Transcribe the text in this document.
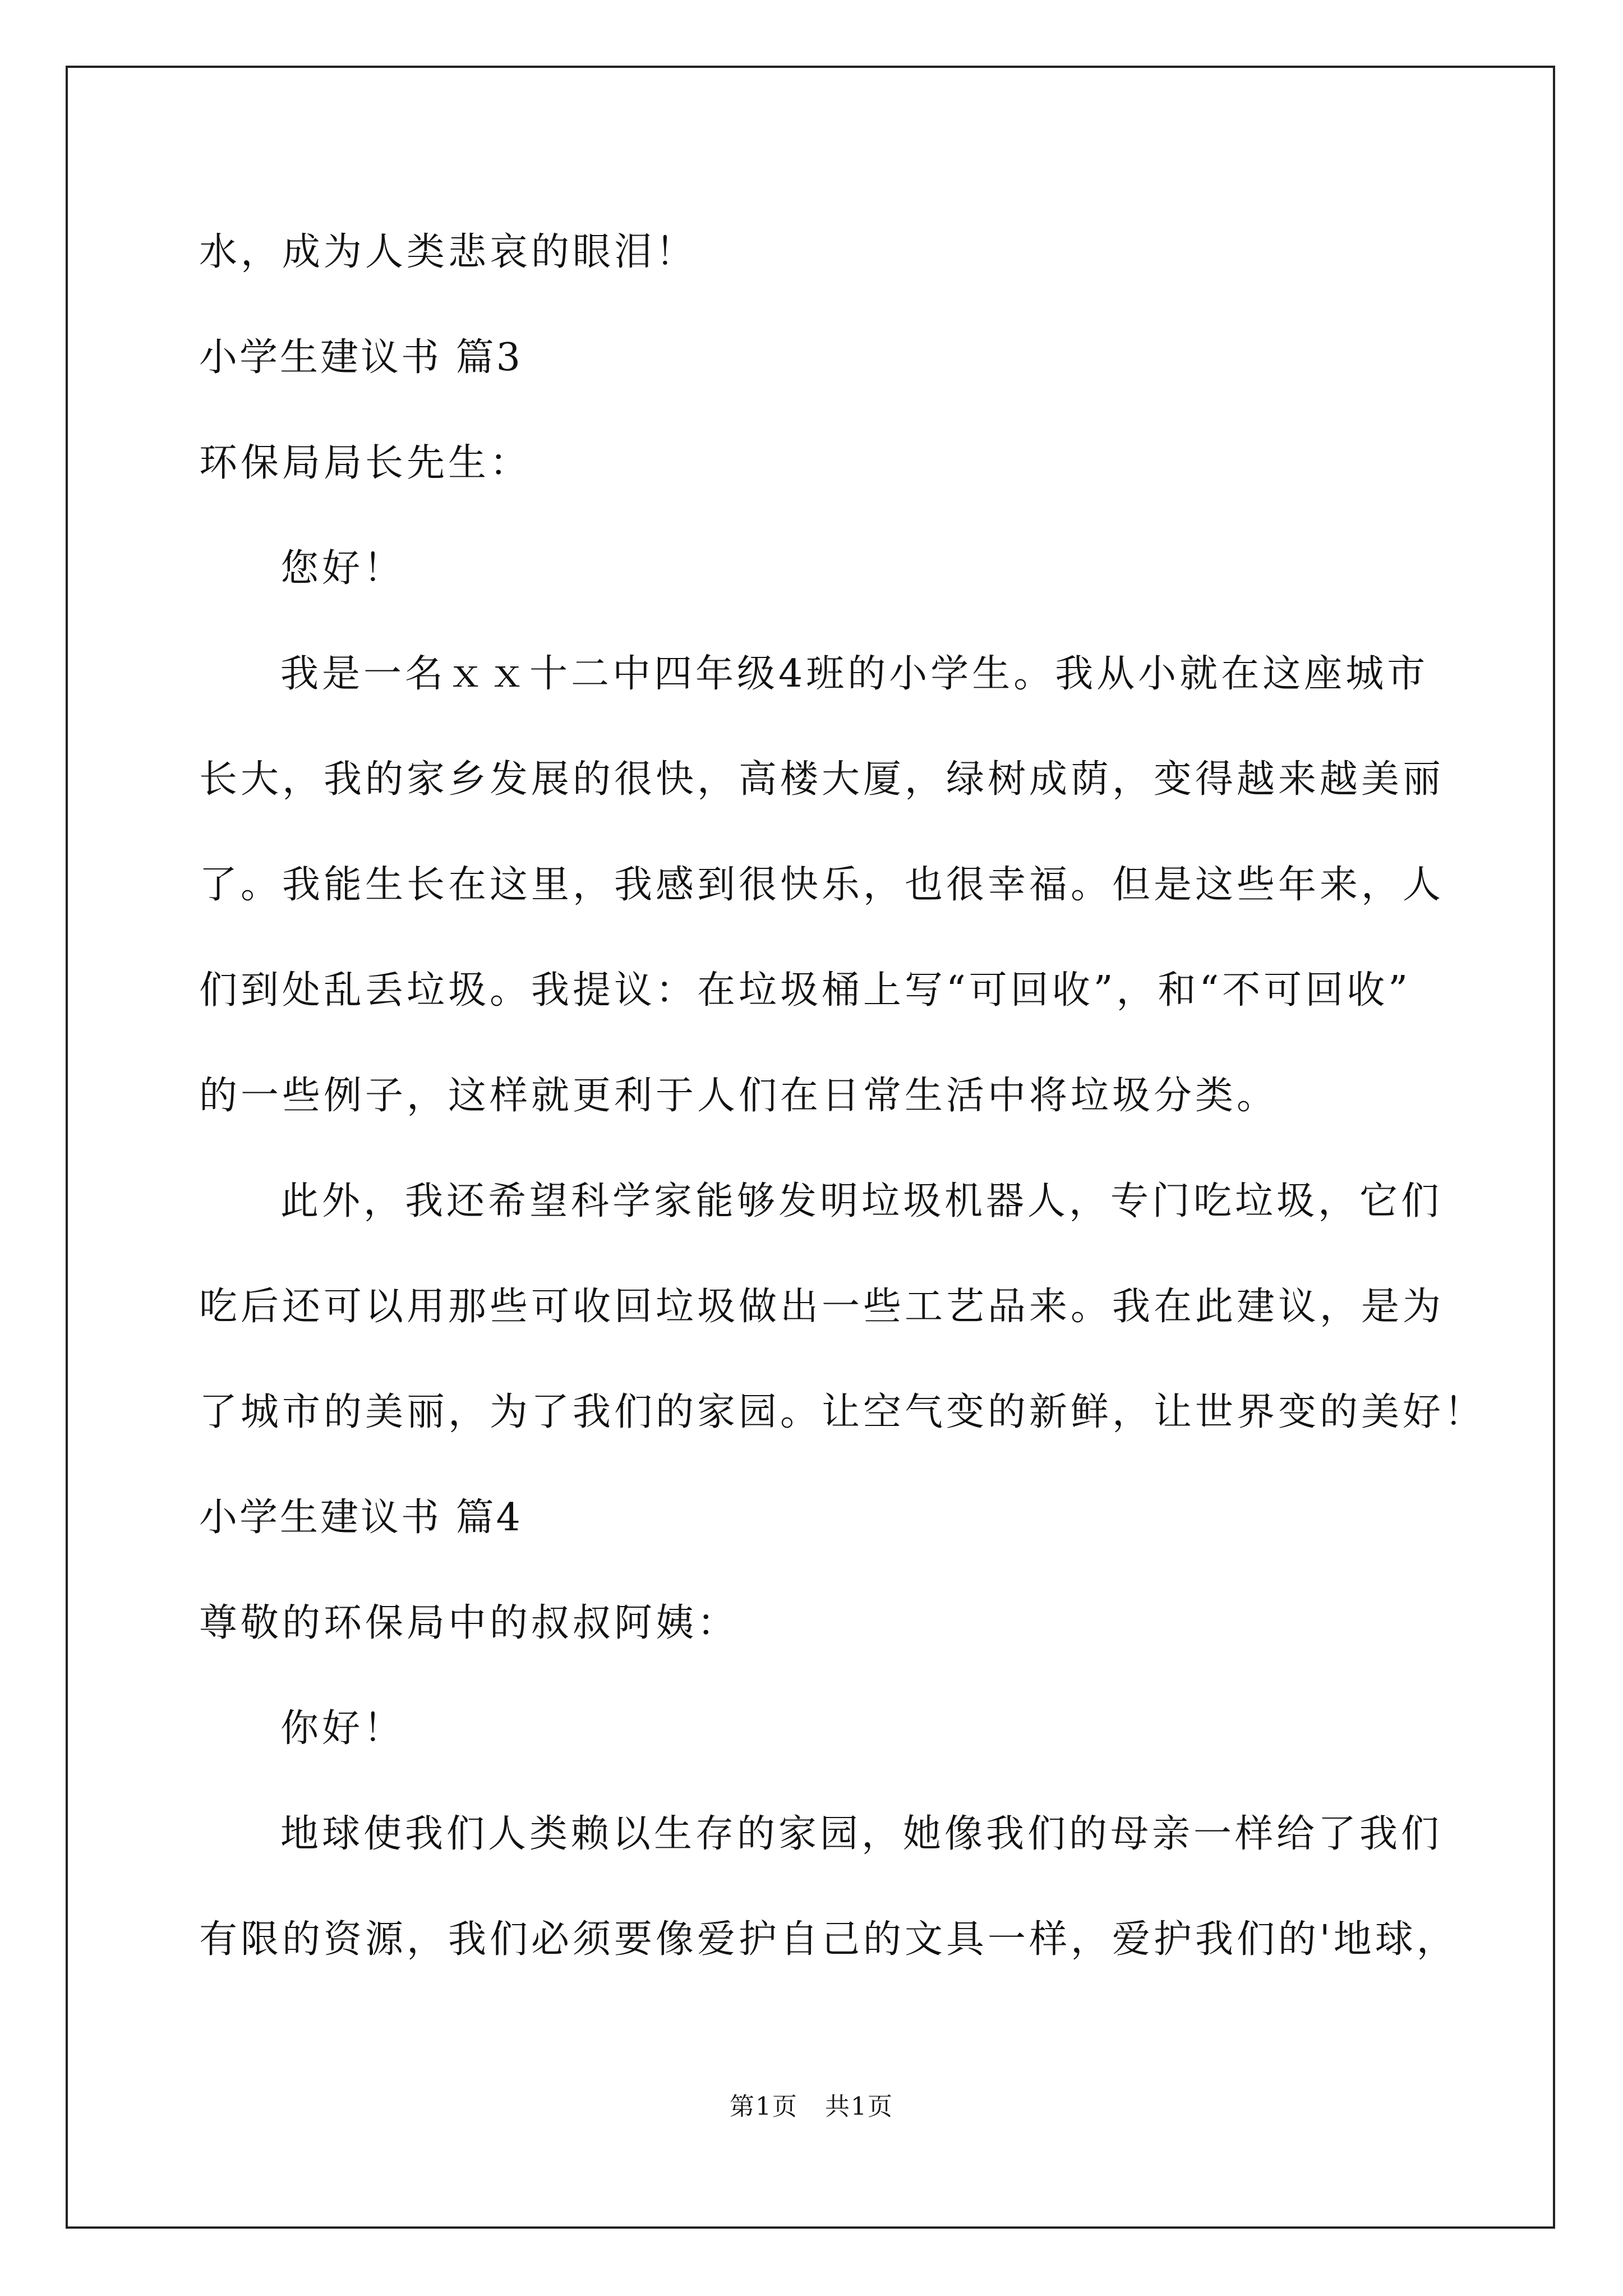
水，成为人类悲哀的眼泪！
小学生建议书 篇3
环保局局长先生：
您好！
我是一名ｘｘ十二中四年级4班的小学生。我从小就在这座城市
长大，我的家乡发展的很快，高楼大厦，绿树成荫，变得越来越美丽
了。我能生长在这里，我感到很快乐，也很幸福。但是这些年来，人
们到处乱丢垃圾。我提议：在垃圾桶上写“可回收”，和“不可回收”
的一些例子，这样就更利于人们在日常生活中将垃圾分类。
此外，我还希望科学家能够发明垃圾机器人，专门吃垃圾，它们
吃后还可以用那些可收回垃圾做出一些工艺品来。我在此建议，是为
了城市的美丽，为了我们的家园。让空气变的新鲜，让世界变的美好！
小学生建议书 篇4
尊敬的环保局中的叔叔阿姨：
你好！
地球使我们人类赖以生存的家园，她像我们的母亲一样给了我们
有限的资源，我们必须要像爱护自己的文具一样，爱护我们的'地球，
第1页   共1页
